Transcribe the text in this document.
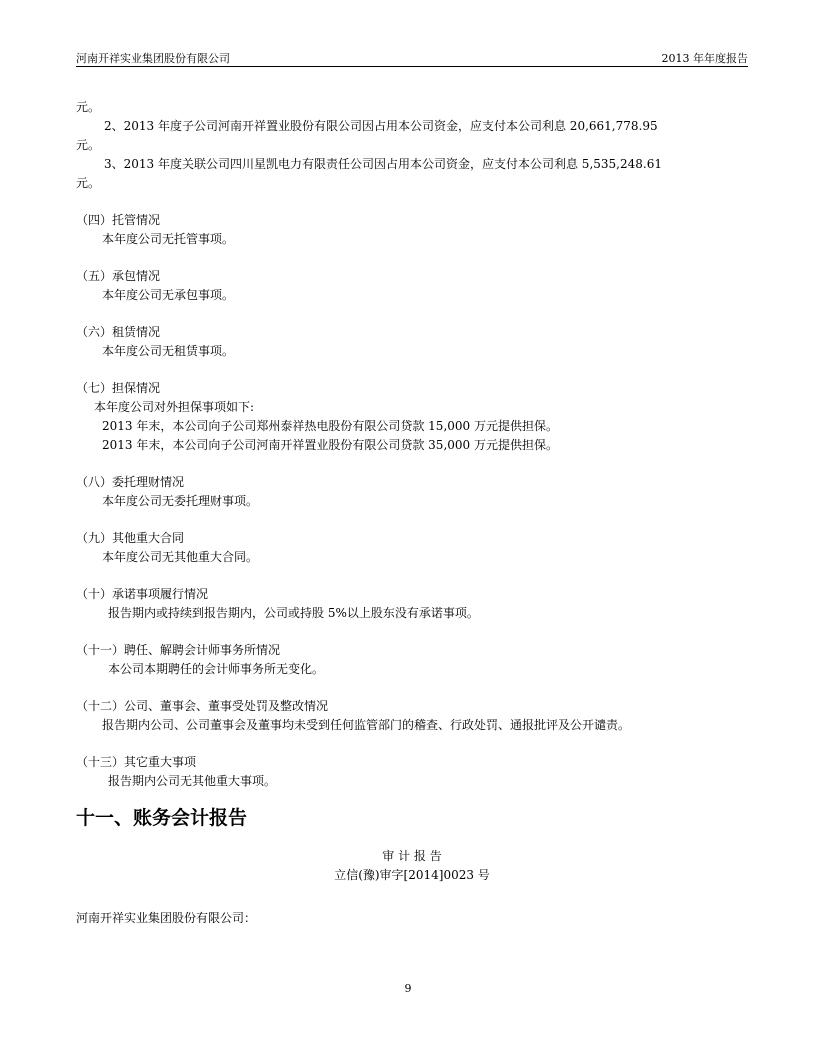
河南开祥实业集团股份有限公司	2013 年年度报告
元。
2、2013 年度子公司河南开祥置业股份有限公司因占用本公司资金，应支付本公司利息 20,661,778.95
元。
3、2013 年度关联公司四川星凯电力有限责任公司因占用本公司资金，应支付本公司利息 5,535,248.61
元。
（四）托管情况
本年度公司无托管事项。
（五）承包情况
本年度公司无承包事项。
（六）租赁情况
本年度公司无租赁事项。
（七）担保情况
本年度公司对外担保事项如下:
2013 年末，本公司向子公司郑州泰祥热电股份有限公司贷款 15,000 万元提供担保。
2013 年末，本公司向子公司河南开祥置业股份有限公司贷款 35,000 万元提供担保。
（八）委托理财情况
本年度公司无委托理财事项。
（九）其他重大合同
本年度公司无其他重大合同。
（十）承诺事项履行情况
报告期内或持续到报告期内，公司或持股 5%以上股东没有承诺事项。
（十一）聘任、解聘会计师事务所情况
本公司本期聘任的会计师事务所无变化。
（十二）公司、董事会、董事受处罚及整改情况
报告期内公司、公司董事会及董事均未受到任何监管部门的稽查、行政处罚、通报批评及公开谴责。
（十三）其它重大事项
报告期内公司无其他重大事项。
十一、账务会计报告
审 计 报 告
立信(豫)审字[2014]0023 号
河南开祥实业集团股份有限公司：
9
